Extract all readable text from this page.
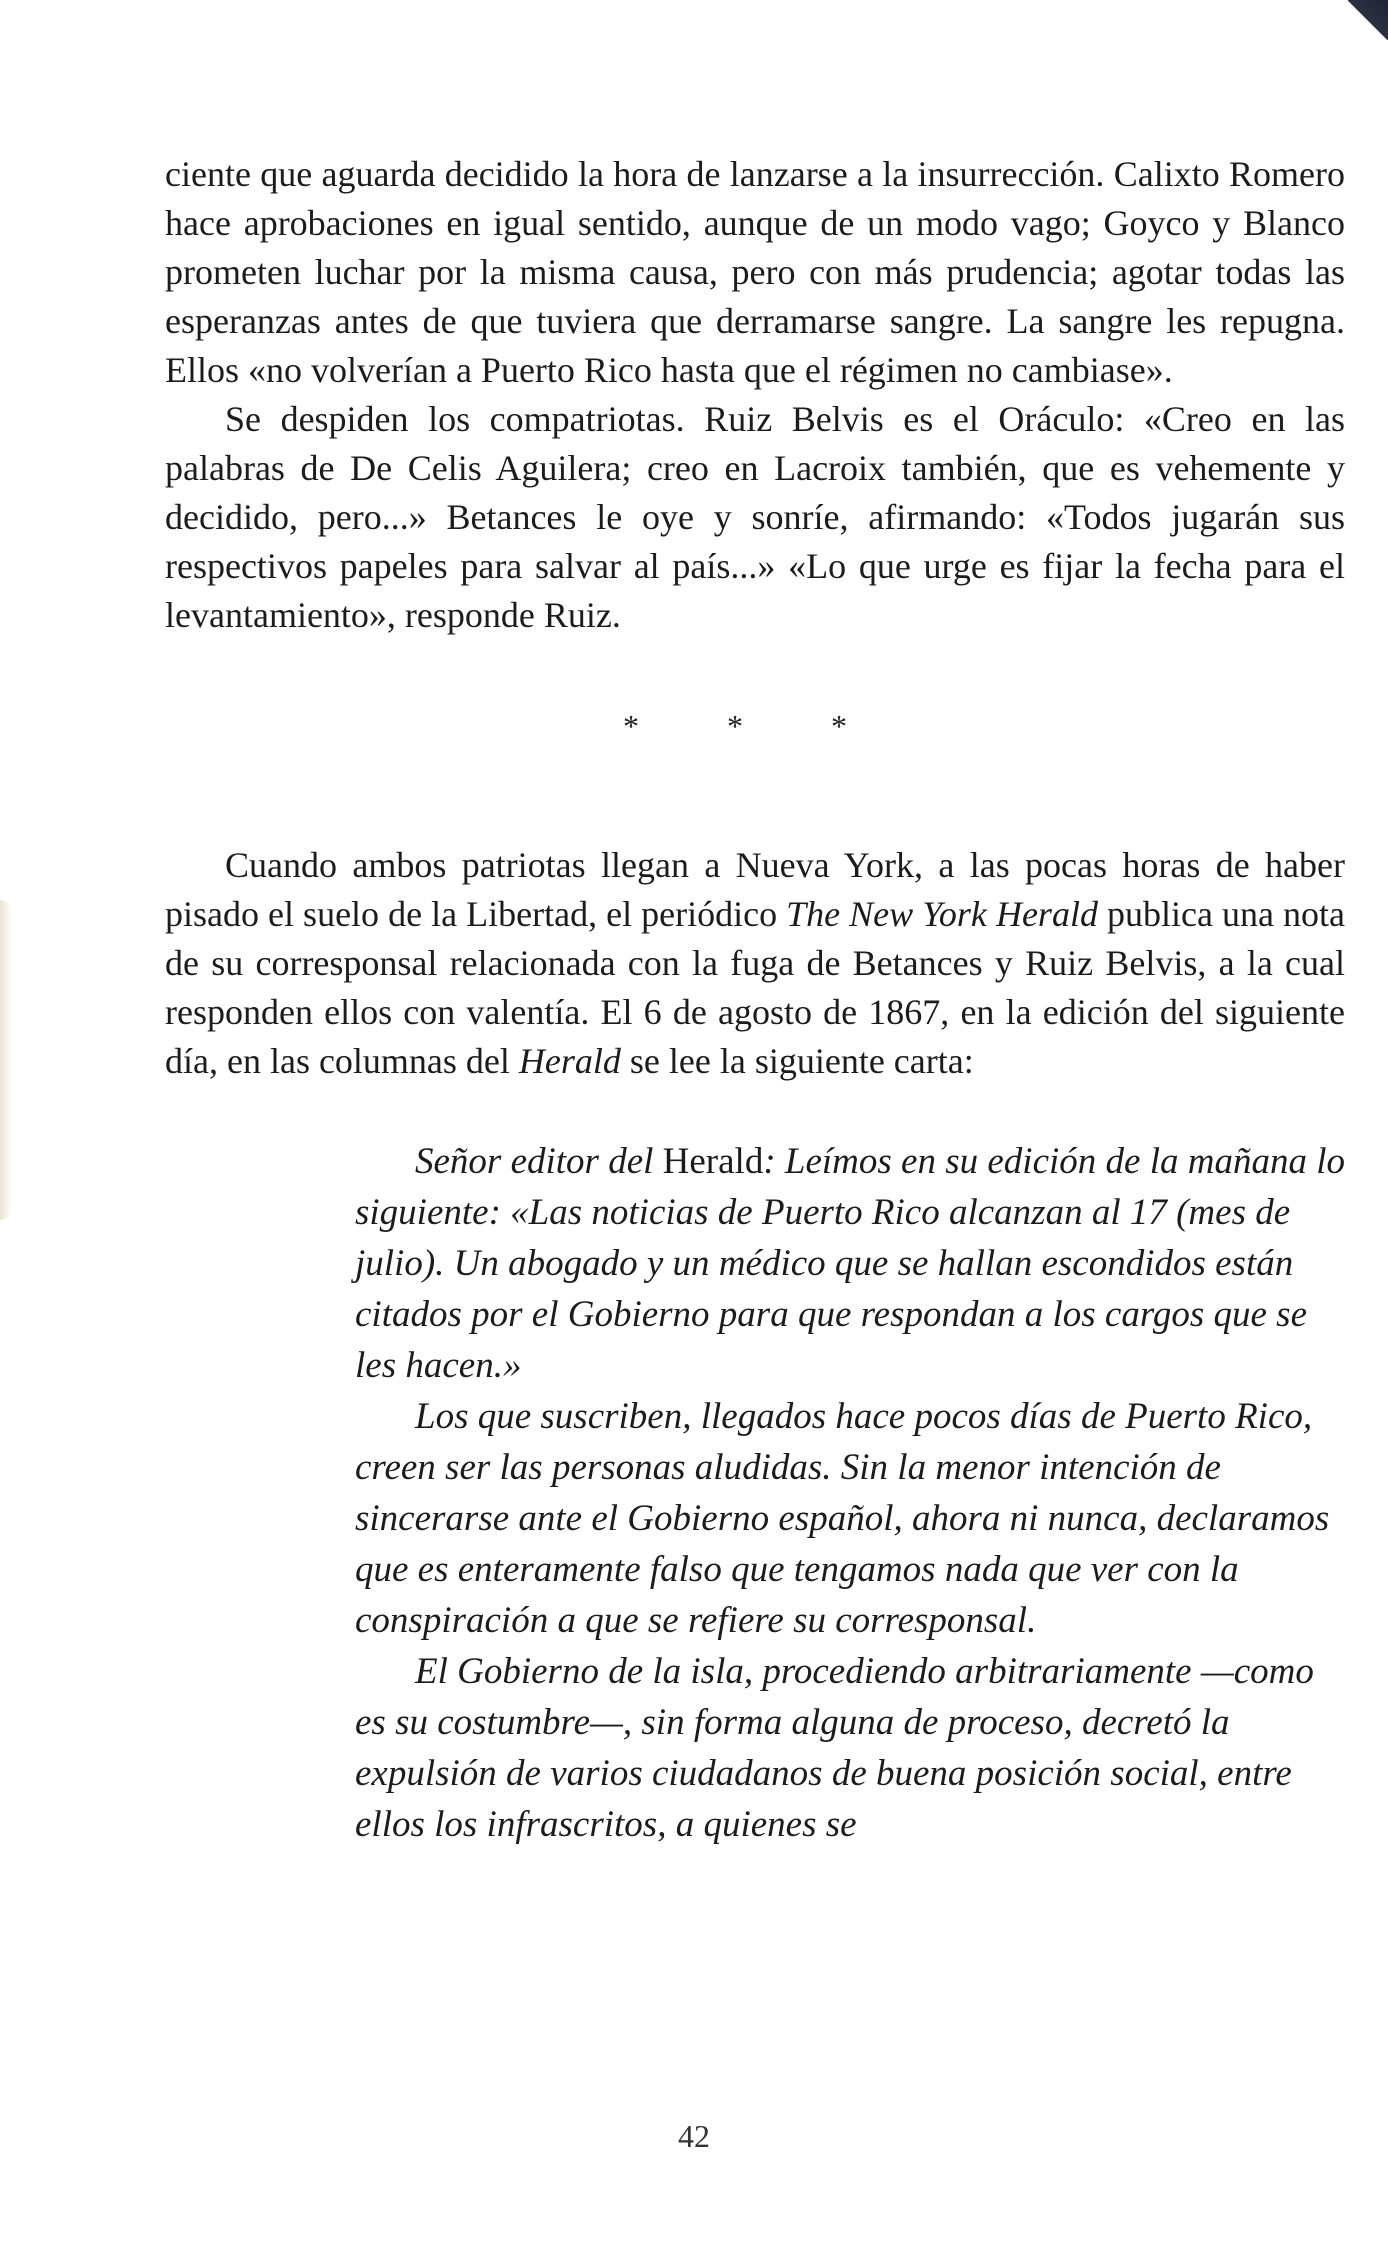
ciente que aguarda decidido la hora de lanzarse a la insurrección. Calixto Romero hace aprobaciones en igual sentido, aunque de un modo vago; Goyco y Blanco prometen luchar por la misma causa, pero con más prudencia; agotar todas las esperanzas antes de que tuviera que derramarse sangre. La sangre les repugna. Ellos «no volverían a Puerto Rico hasta que el régimen no cambiase».

Se despiden los compatriotas. Ruiz Belvis es el Oráculo: «Creo en las palabras de De Celis Aguilera; creo en Lacroix también, que es vehemente y decidido, pero...» Betances le oye y sonríe, afirmando: «Todos jugarán sus respectivos papeles para salvar al país...» «Lo que urge es fijar la fecha para el levantamiento», responde Ruiz.

* * *

Cuando ambos patriotas llegan a Nueva York, a las pocas horas de haber pisado el suelo de la Libertad, el periódico The New York Herald publica una nota de su corresponsal relacionada con la fuga de Betances y Ruiz Belvis, a la cual responden ellos con valentía. El 6 de agosto de 1867, en la edición del siguiente día, en las columnas del Herald se lee la siguiente carta:

Señor editor del Herald: Leímos en su edición de la mañana lo siguiente: «Las noticias de Puerto Rico alcanzan al 17 (mes de julio). Un abogado y un médico que se hallan escondidos están citados por el Gobierno para que respondan a los cargos que se les hacen.»

Los que suscriben, llegados hace pocos días de Puerto Rico, creen ser las personas aludidas. Sin la menor intención de sincerarse ante el Gobierno español, ahora ni nunca, declaramos que es enteramente falso que tengamos nada que ver con la conspiración a que se refiere su corresponsal.

El Gobierno de la isla, procediendo arbitrariamente —como es su costumbre—, sin forma alguna de proceso, decretó la expulsión de varios ciudadanos de buena posición social, entre ellos los infrascritos, a quienes se

42
